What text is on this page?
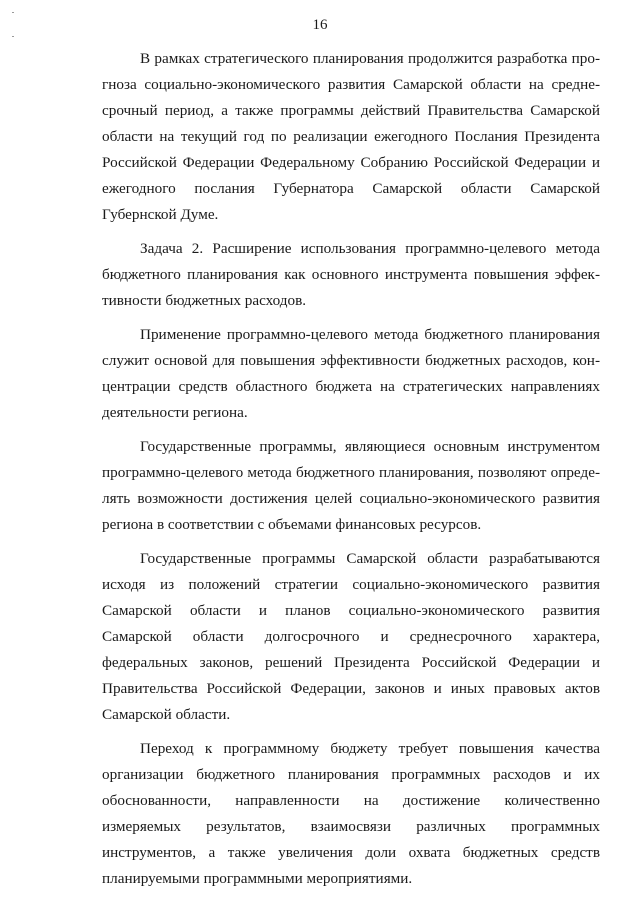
16

В рамках стратегического планирования продолжится разработка прогноза социально-экономического развития Самарской области на среднесрочный период, а также программы действий Правительства Самарской области на текущий год по реализации ежегодного Послания Президента Российской Федерации Федеральному Собранию Российской Федерации и ежегодного послания Губернатора Самарской области Самарской Губернской Думе.

Задача 2. Расширение использования программно-целевого метода бюджетного планирования как основного инструмента повышения эффективности бюджетных расходов.

Применение программно-целевого метода бюджетного планирования служит основой для повышения эффективности бюджетных расходов, концентрации средств областного бюджета на стратегических направлениях деятельности региона.

Государственные программы, являющиеся основным инструментом программно-целевого метода бюджетного планирования, позволяют определять возможности достижения целей социально-экономического развития региона в соответствии с объемами финансовых ресурсов.

Государственные программы Самарской области разрабатываются исходя из положений стратегии социально-экономического развития Самарской области и планов социально-экономического развития Самарской области долгосрочного и среднесрочного характера, федеральных законов, решений Президента Российской Федерации и Правительства Российской Федерации, законов и иных правовых актов Самарской области.

Переход к программному бюджету требует повышения качества организации бюджетного планирования программных расходов и их обоснованности, направленности на достижение количественно измеряемых результатов, взаимосвязи различных программных инструментов, а также увеличения доли охвата бюджетных средств планируемыми программными мероприятиями.
